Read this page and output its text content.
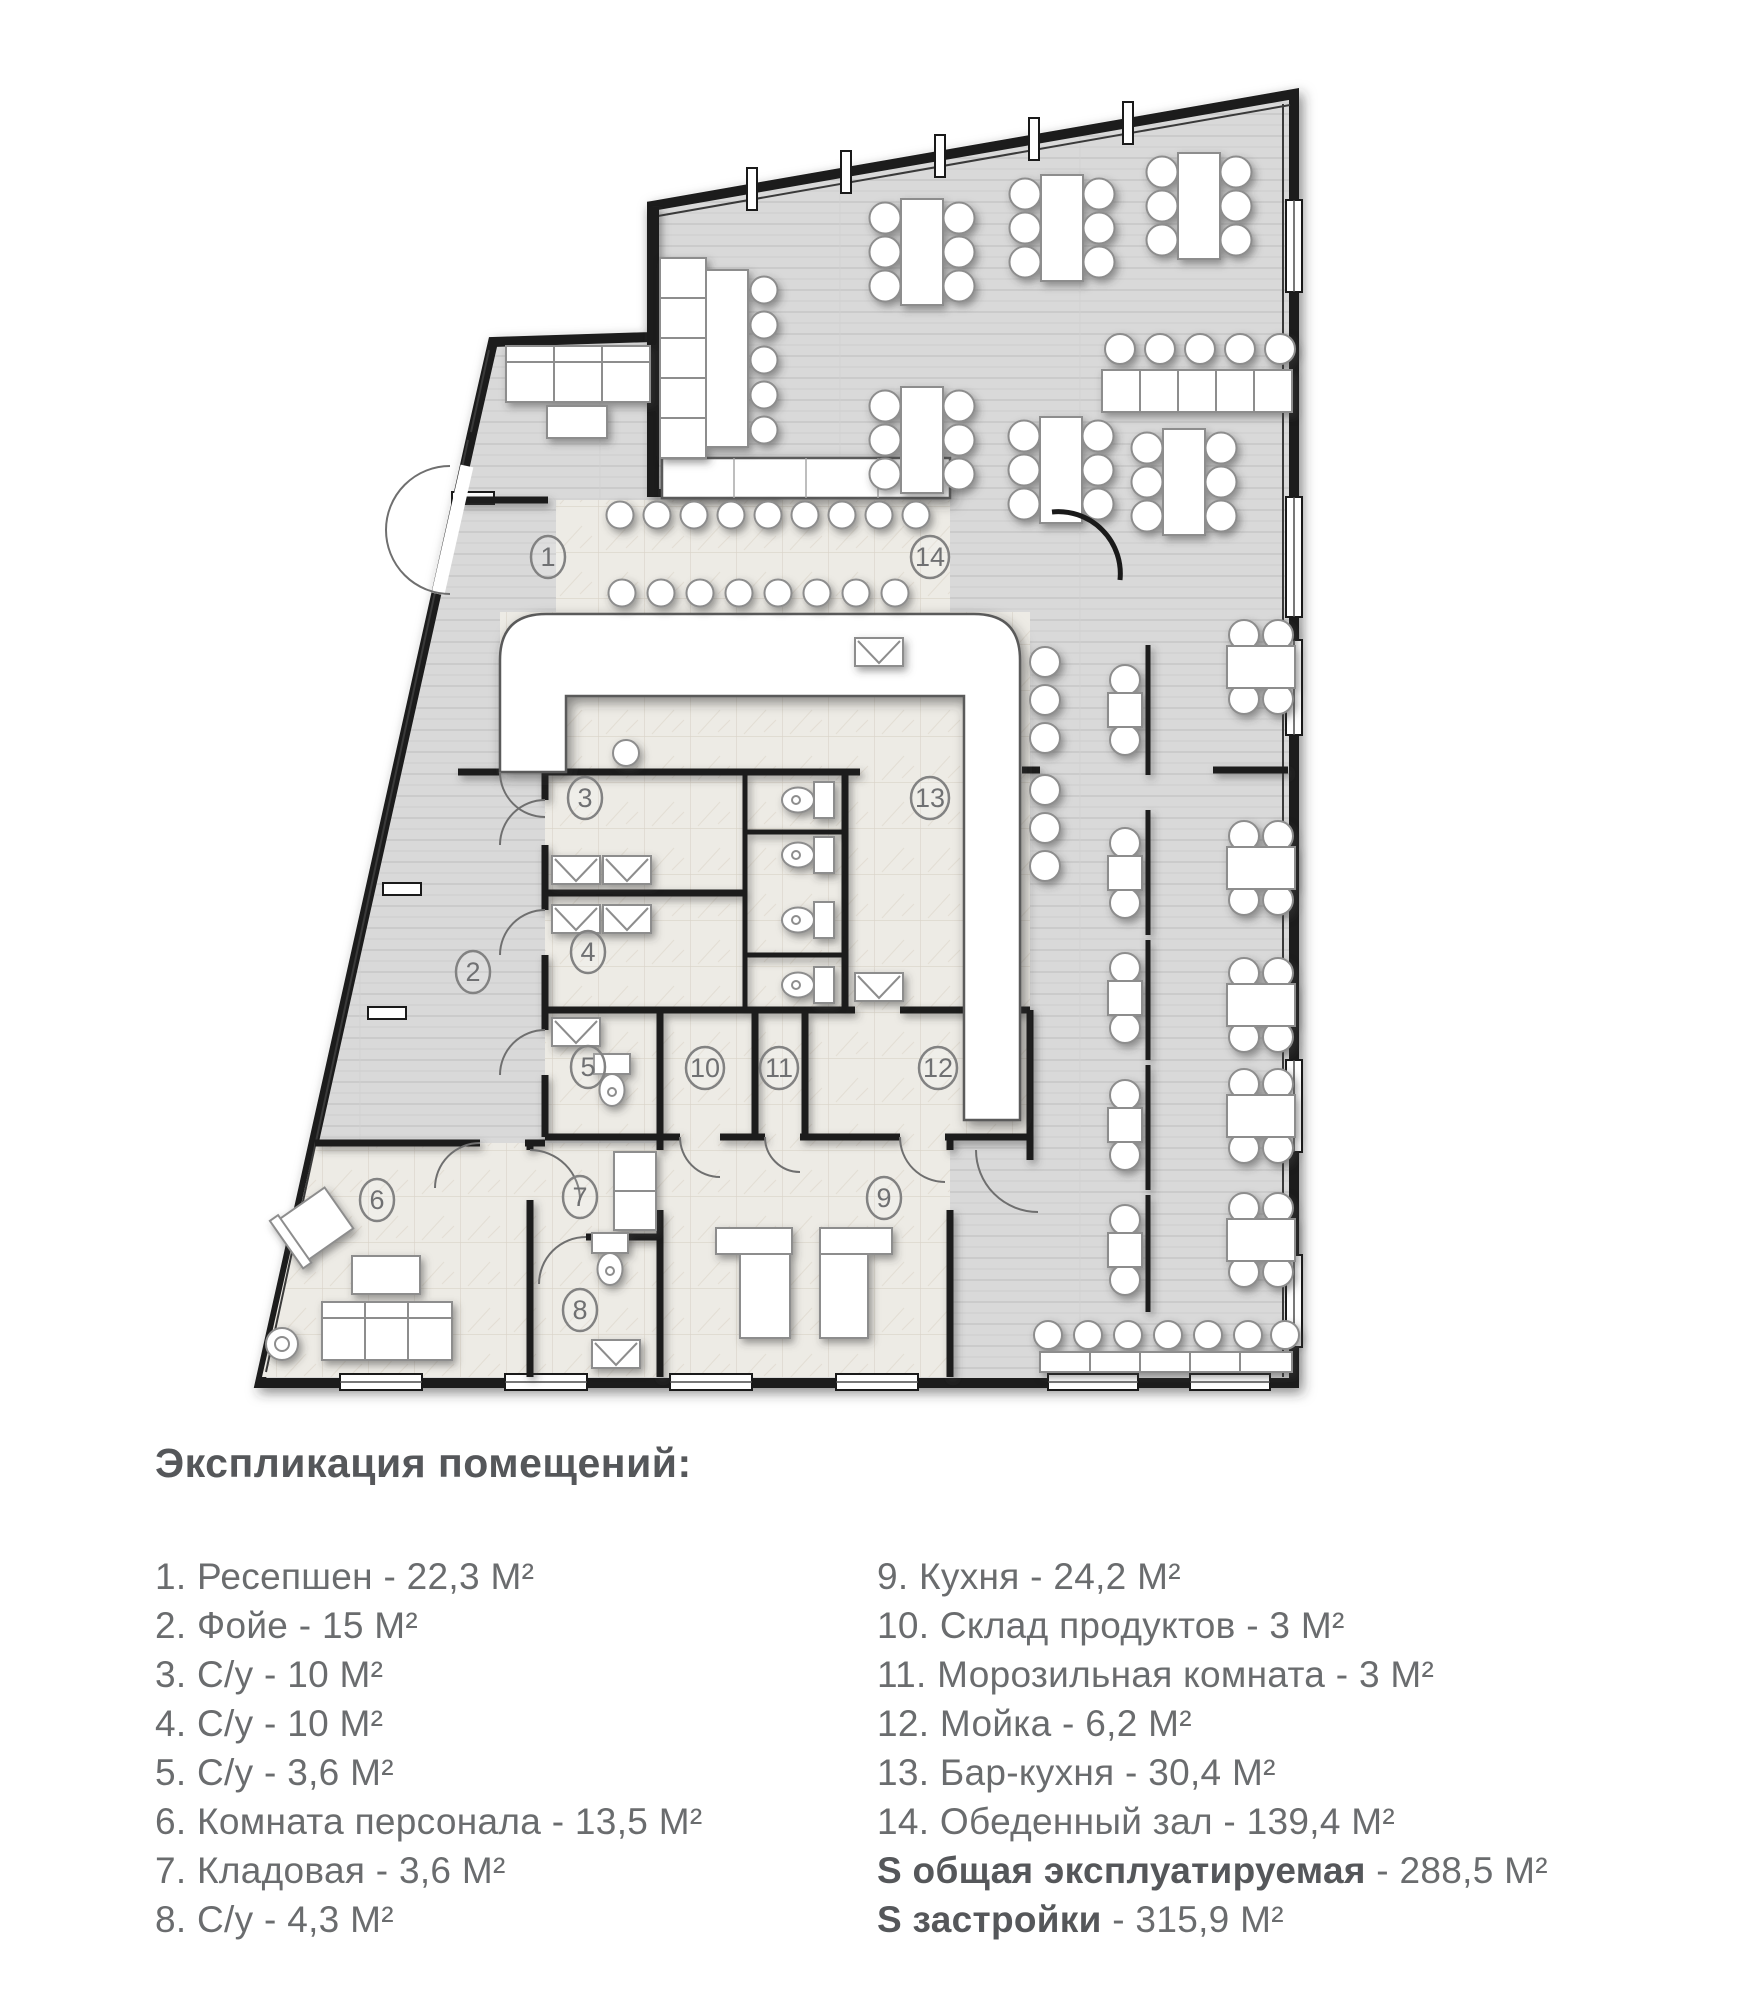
1
2
3
4
5
6	7
8
9
10 11	12
13
14
Экспликация помещений:
1. Ресепшен - 22,3 М²
2. Фойе - 15 М²
3. С/у - 10 М²
4. С/у - 10 М²
5. С/у - 3,6 М²
6. Комната персонала - 13,5 М²
7. Кладовая - 3,6 М²
8. С/у - 4,3 М²
9. Кухня - 24,2 М²
10. Склад продуктов - 3 М²
11. Морозильная комната - 3 М²
12. Мойка - 6,2 М²
13. Бар-кухня - 30,4 М²
14. Обеденный зал - 139,4 М²
S общая эксплуатируемая - 288,5 М²
S застройки - 315,9 М²
